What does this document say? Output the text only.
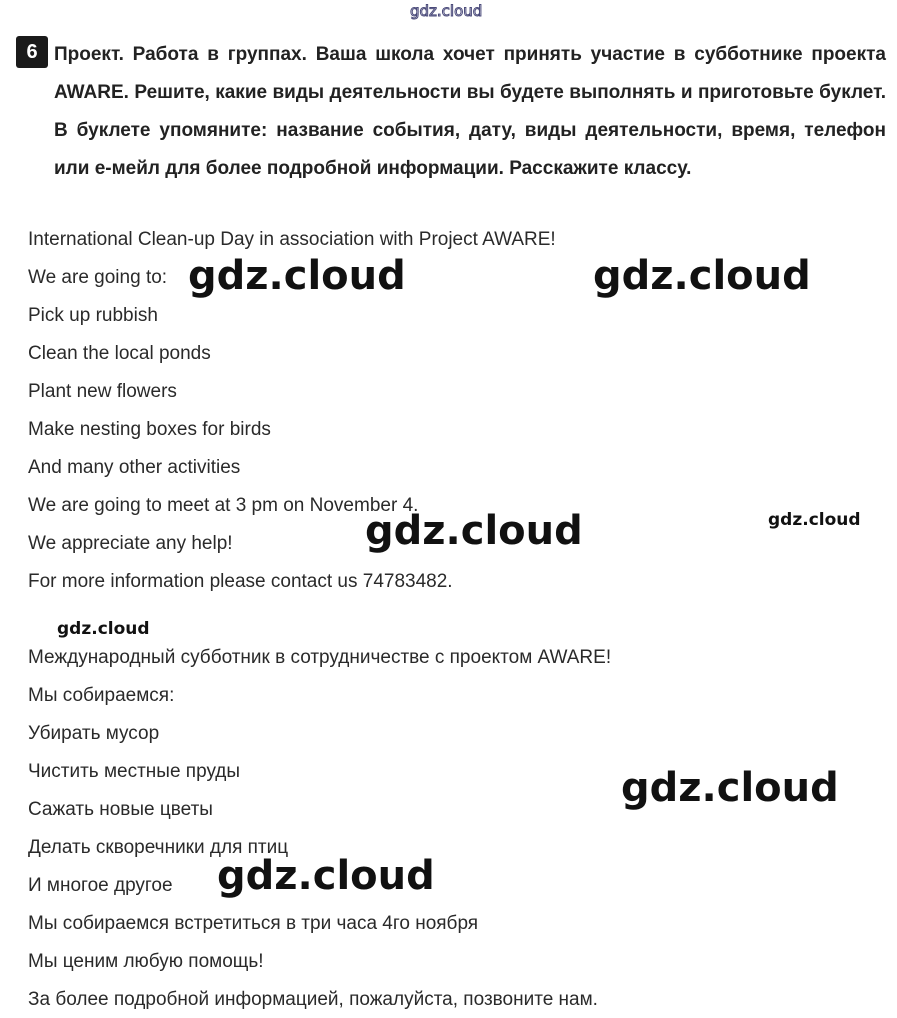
gdz.cloud
6 Проект. Работа в группах. Ваша школа хочет принять участие в субботнике проекта AWARE. Решите, какие виды деятельности вы будете выполнять и приготовьте буклет. В буклете упомяните: название события, дату, виды деятельности, время, телефон или е-мейл для более подробной информации. Расскажите классу.

International Clean-up Day in association with Project AWARE!
We are going to:
Pick up rubbish
Clean the local ponds
Plant new flowers
Make nesting boxes for birds
And many other activities
We are going to meet at 3 pm on November 4.
We appreciate any help!
For more information please contact us 74783482.
Международный субботник в сотрудничестве с проектом AWARE!
Мы собираемся:
Убирать мусор
Чистить местные пруды
Сажать новые цветы
Делать скворечники для птиц
И многое другое
Мы собираемся встретиться в три часа 4го ноября
Мы ценим любую помощь!
За более подробной информацией, пожалуйста, позвоните нам.
gdz.cloud	gdz.cloud
gdz.cloud	gdz.cloud
gdz.cloud
gdz.cloud
gdz.cloud
